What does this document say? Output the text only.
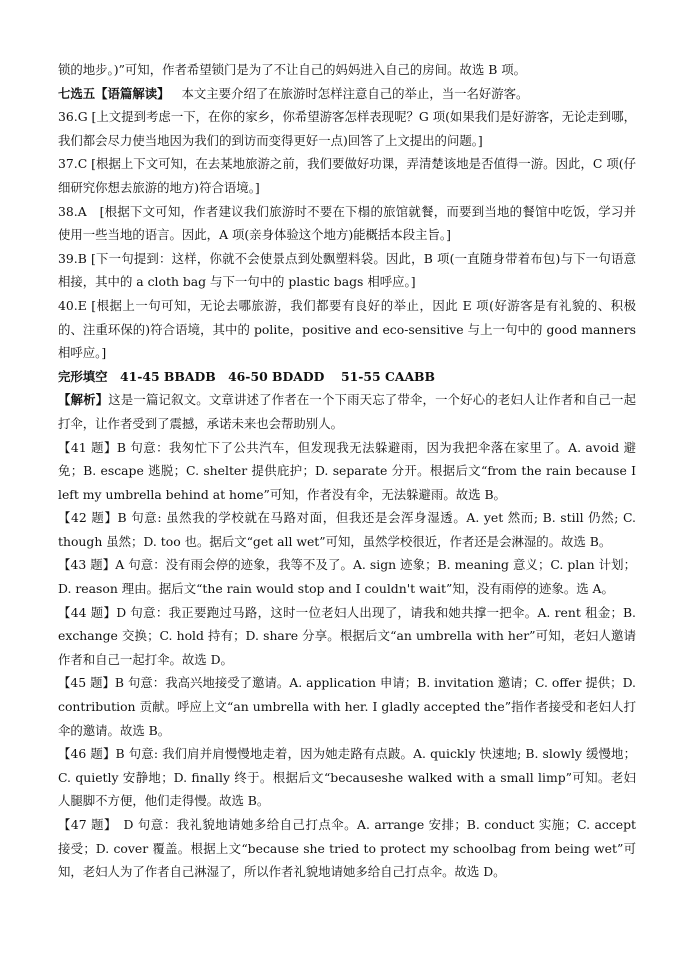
锁的地步。)”可知，作者希望锁门是为了不让自己的妈妈进入自己的房间。故选 B 项。

七选五【语篇解读】 本文主要介绍了在旅游时怎样注意自己的举止，当一名好游客。

36.G [上文提到考虑一下，在你的家乡，你希望游客怎样表现呢？G 项(如果我们是好游客，无论走到哪，我们都会尽力使当地因为我们的到访而变得更好一点)回答了上文提出的问题。]

37.C [根据上下文可知，在去某地旅游之前，我们要做好功课，弄清楚该地是否值得一游。因此，C 项(仔细研究你想去旅游的地方)符合语境。]

38.A　[根据下文可知，作者建议我们旅游时不要在下榻的旅馆就餐，而要到当地的餐馆中吃饭，学习并使用一些当地的语言。因此，A 项(亲身体验这个地方)能概括本段主旨。]

39.B [下一句提到：这样，你就不会使景点到处飘塑料袋。因此，B 项(一直随身带着布包)与下一句语意相接，其中的 a cloth bag 与下一句中的 plastic bags 相呼应。]

40.E [根据上一句可知，无论去哪旅游，我们都要有良好的举止，因此 E 项(好游客是有礼貌的、积极的、注重环保的)符合语境，其中的 polite，positive and eco-sensitive 与上一句中的 good manners 相呼应。]

完形填空　41-45 BBADB　46-50 BDADD　 51-55 CAABB

【解析】这是一篇记叙文。文章讲述了作者在一个下雨天忘了带伞，一个好心的老妇人让作者和自己一起打伞，让作者受到了震撼，承诺未来也会帮助别人。

【41 题】B 句意：我匆忙下了公共汽车，但发现我无法躲避雨，因为我把伞落在家里了。A. avoid 避免；B. escape 逃脱；C. shelter 提供庇护；D. separate 分开。根据后文“from the rain because I left my umbrella behind at home”可知，作者没有伞，无法躲避雨。故选 B。

【42 题】B 句意: 虽然我的学校就在马路对面，但我还是会浑身湿透。A. yet 然而; B. still 仍然; C. though 虽然；D. too 也。据后文“get all wet”可知，虽然学校很近，作者还是会淋湿的。故选 B。

【43 题】A 句意：没有雨会停的迹象，我等不及了。A. sign 迹象；B. meaning 意义；C. plan 计划；D. reason 理由。据后文“the rain would stop and I couldn't wait”知，没有雨停的迹象。选 A。

【44 题】D 句意：我正要跑过马路，这时一位老妇人出现了，请我和她共撑一把伞。A. rent 租金；B. exchange 交换；C. hold 持有；D. share 分享。根据后文“an umbrella with her”可知，老妇人邀请作者和自己一起打伞。故选 D。

【45 题】B 句意：我高兴地接受了邀请。A. application 申请；B. invitation 邀请；C. offer 提供；D. contribution 贡献。呼应上文“an umbrella with her. I gladly accepted the”指作者接受和老妇人打伞的邀请。故选 B。

【46 题】B 句意: 我们肩并肩慢慢地走着，因为她走路有点跛。A. quickly 快速地; B. slowly 缓慢地；C. quietly 安静地；D. finally 终于。根据后文“becauseshe walked with a small limp”可知。老妇人腿脚不方便，他们走得慢。故选 B。

【47 题】　D 句意：我礼貌地请她多给自己打点伞。A. arrange 安排；B. conduct 实施；C. accept 接受；D. cover 覆盖。根据上文“because she tried to protect my schoolbag from being wet”可知，老妇人为了作者自己淋湿了，所以作者礼貌地请她多给自己打点伞。故选 D。
